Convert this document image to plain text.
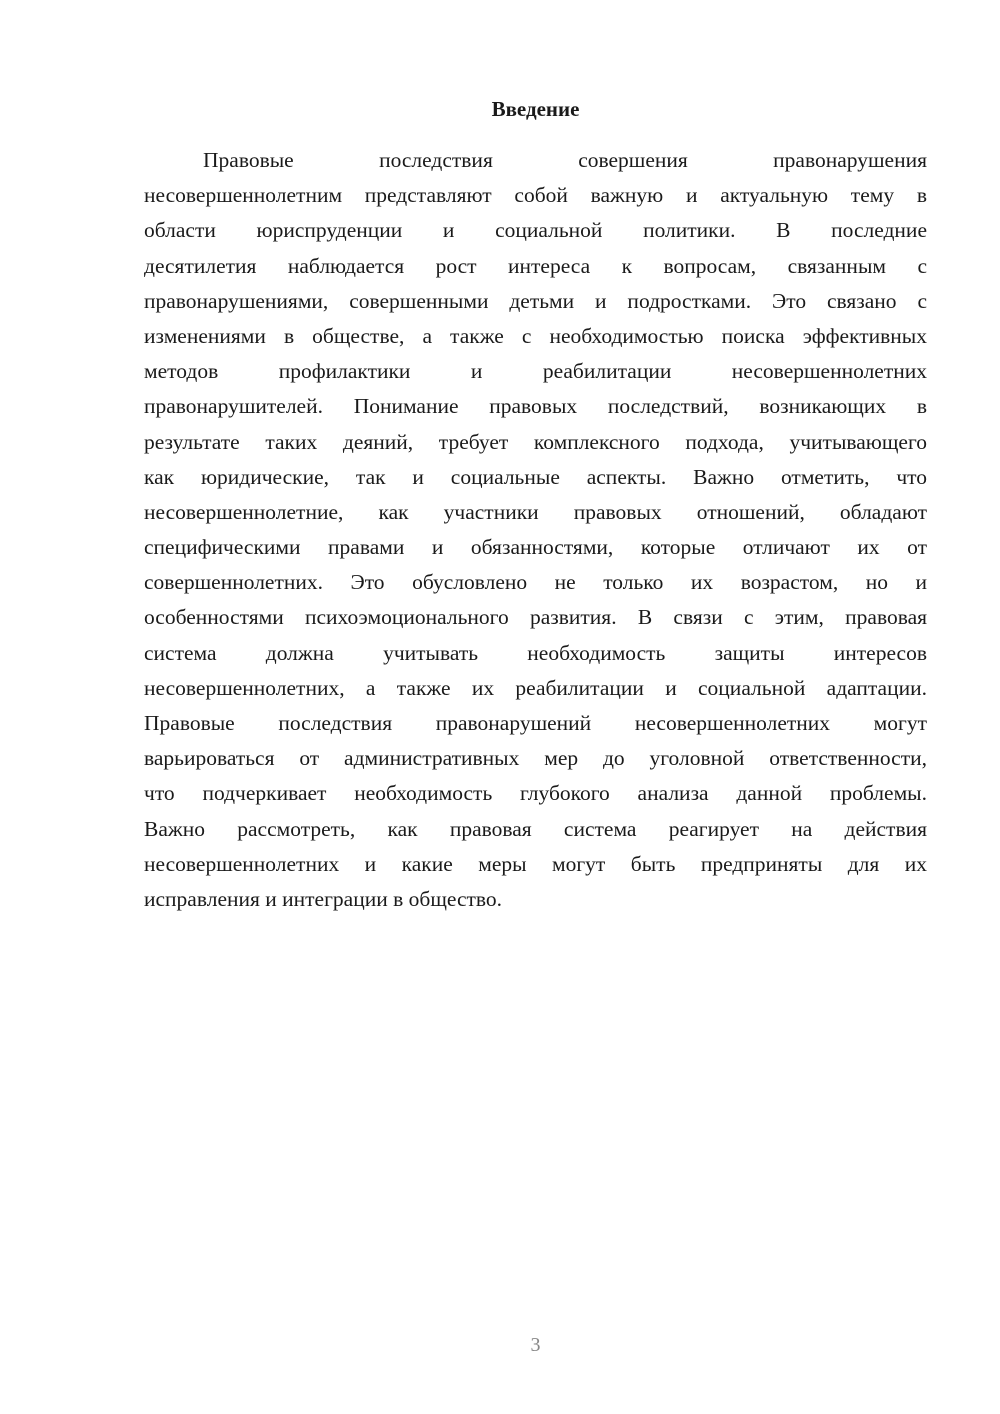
Введение
Правовые последствия совершения правонарушения
несовершеннолетним представляют собой важную и актуальную тему в
области юриспруденции и социальной политики. В последние
десятилетия наблюдается рост интереса к вопросам, связанным с
правонарушениями, совершенными детьми и подростками. Это связано с
изменениями в обществе, а также с необходимостью поиска эффективных
методов профилактики и реабилитации несовершеннолетних
правонарушителей. Понимание правовых последствий, возникающих в
результате таких деяний, требует комплексного подхода, учитывающего
как юридические, так и социальные аспекты. Важно отметить, что
несовершеннолетние, как участники правовых отношений, обладают
специфическими правами и обязанностями, которые отличают их от
совершеннолетних. Это обусловлено не только их возрастом, но и
особенностями психоэмоционального развития. В связи с этим, правовая
система должна учитывать необходимость защиты интересов
несовершеннолетних, а также их реабилитации и социальной адаптации.
Правовые последствия правонарушений несовершеннолетних могут
варьироваться от административных мер до уголовной ответственности,
что подчеркивает необходимость глубокого анализа данной проблемы.
Важно рассмотреть, как правовая система реагирует на действия
несовершеннолетних и какие меры могут быть предприняты для их
исправления и интеграции в общество.
3
